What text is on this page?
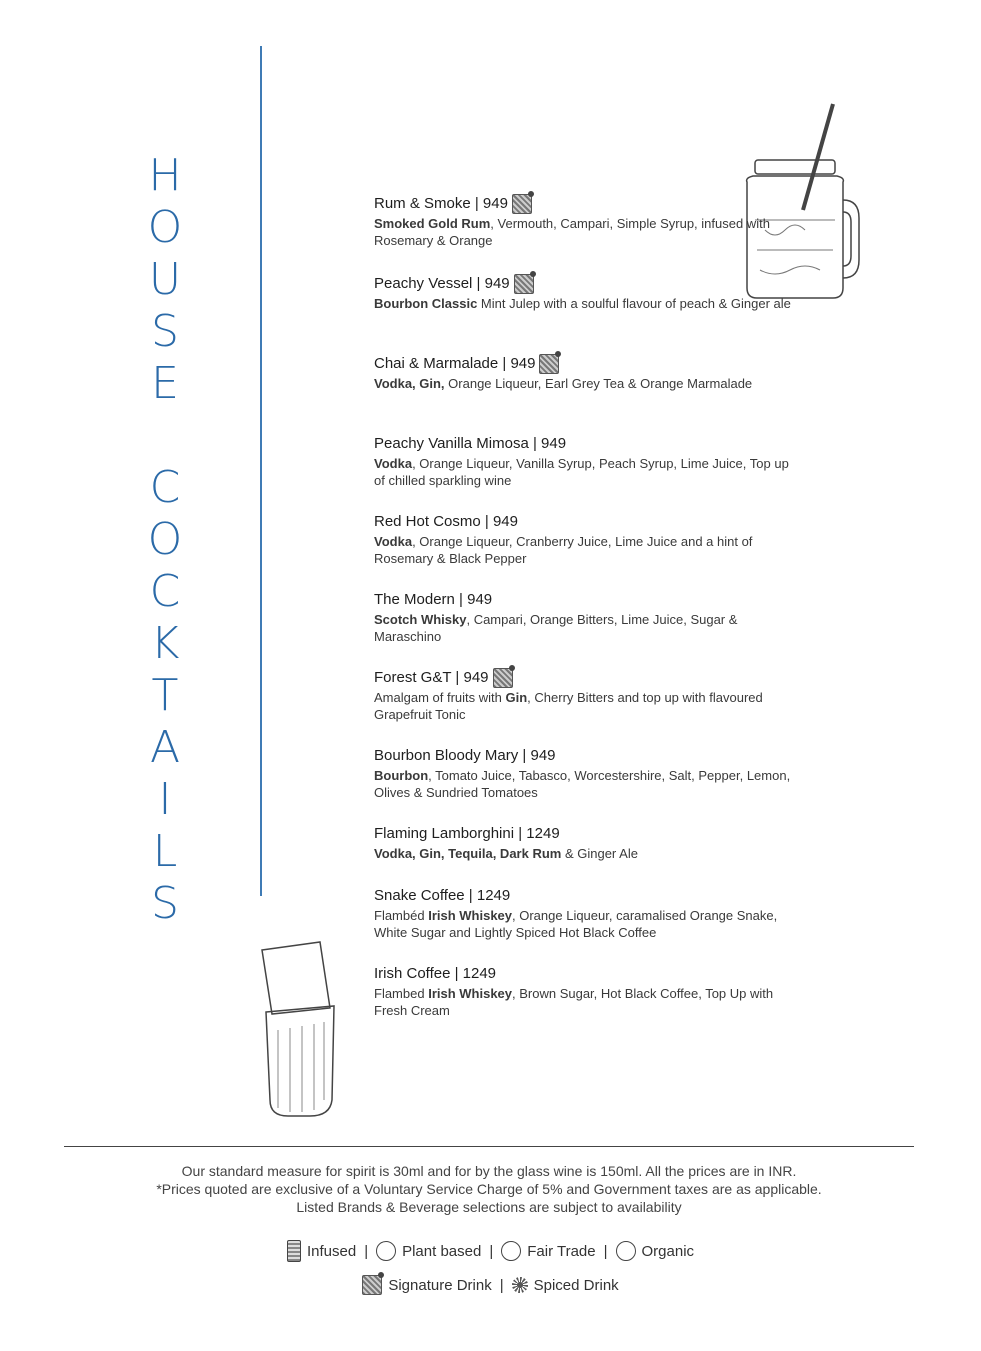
H
O
U
S
E
C
O
C
K
T
A
I
L
S
Rum & Smoke | 949
Smoked Gold Rum, Vermouth, Campari, Simple Syrup, infused with Rosemary & Orange
Peachy Vessel | 949
Bourbon Classic Mint Julep with a soulful flavour of peach & Ginger ale
Chai & Marmalade | 949
Vodka, Gin, Orange Liqueur, Earl Grey Tea & Orange Marmalade
Peachy Vanilla Mimosa | 949
Vodka, Orange Liqueur, Vanilla Syrup, Peach Syrup, Lime Juice, Top up of chilled sparkling wine
Red Hot Cosmo | 949
Vodka, Orange Liqueur, Cranberry Juice, Lime Juice and a hint of Rosemary & Black Pepper
The Modern | 949
Scotch Whisky, Campari, Orange Bitters, Lime Juice, Sugar & Maraschino
Forest G&T | 949
Amalgam of fruits with Gin, Cherry Bitters and top up with flavoured Grapefruit Tonic
Bourbon Bloody Mary | 949
Bourbon, Tomato Juice, Tabasco, Worcestershire, Salt, Pepper, Lemon, Olives & Sundried Tomatoes
Flaming Lamborghini | 1249
Vodka, Gin, Tequila, Dark Rum & Ginger Ale
Snake Coffee | 1249
Flambéd Irish Whiskey, Orange Liqueur, caramalised Orange Snake, White Sugar and Lightly Spiced Hot Black Coffee
Irish Coffee | 1249
Flambed Irish Whiskey, Brown Sugar, Hot Black Coffee, Top Up with Fresh Cream
Our standard measure for spirit is 30ml and for by the glass wine is 150ml. All the prices are in INR.
*Prices quoted are exclusive of a Voluntary Service Charge of 5% and Government taxes are as applicable.
Listed Brands & Beverage selections are subject to availability
Infused | Plant based | Fair Trade | Organic
Signature Drink | Spiced Drink
